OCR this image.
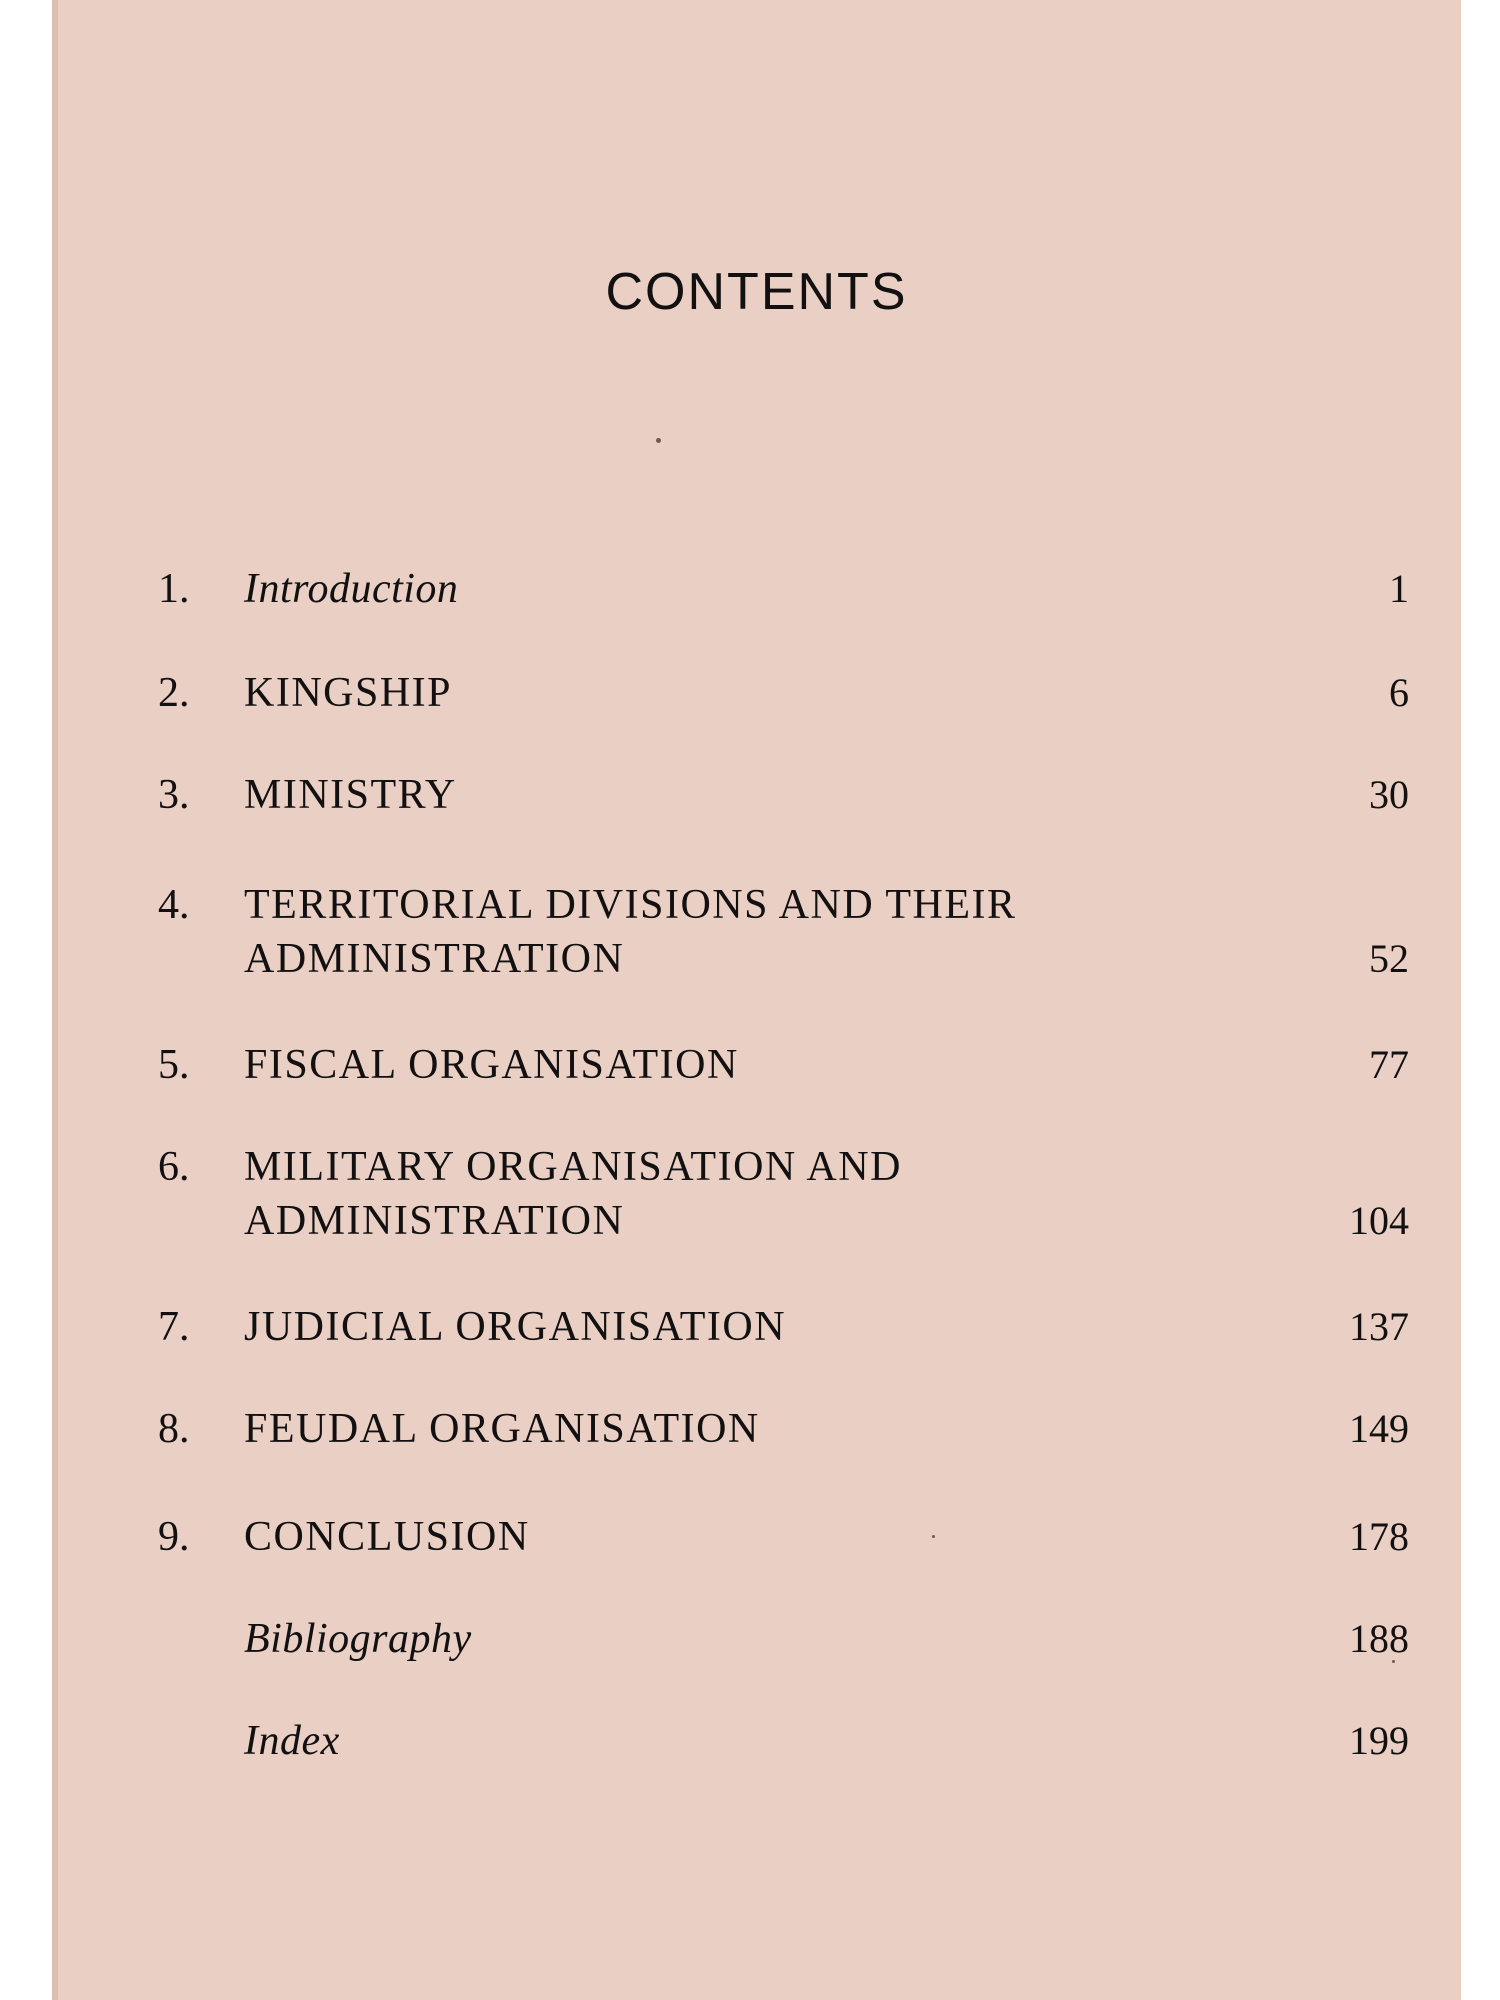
CONTENTS
1. Introduction	1
2. KINGSHIP	6
3. MINISTRY	30
4. TERRITORIAL DIVISIONS AND THEIR
ADMINISTRATION	52
5. FISCAL ORGANISATION	77
6. MILITARY ORGANISATION AND
ADMINISTRATION	104
7. JUDICIAL ORGANISATION	137
8. FEUDAL ORGANISATION	149
9. CONCLUSION	178
Bibliography	188
Index	199
